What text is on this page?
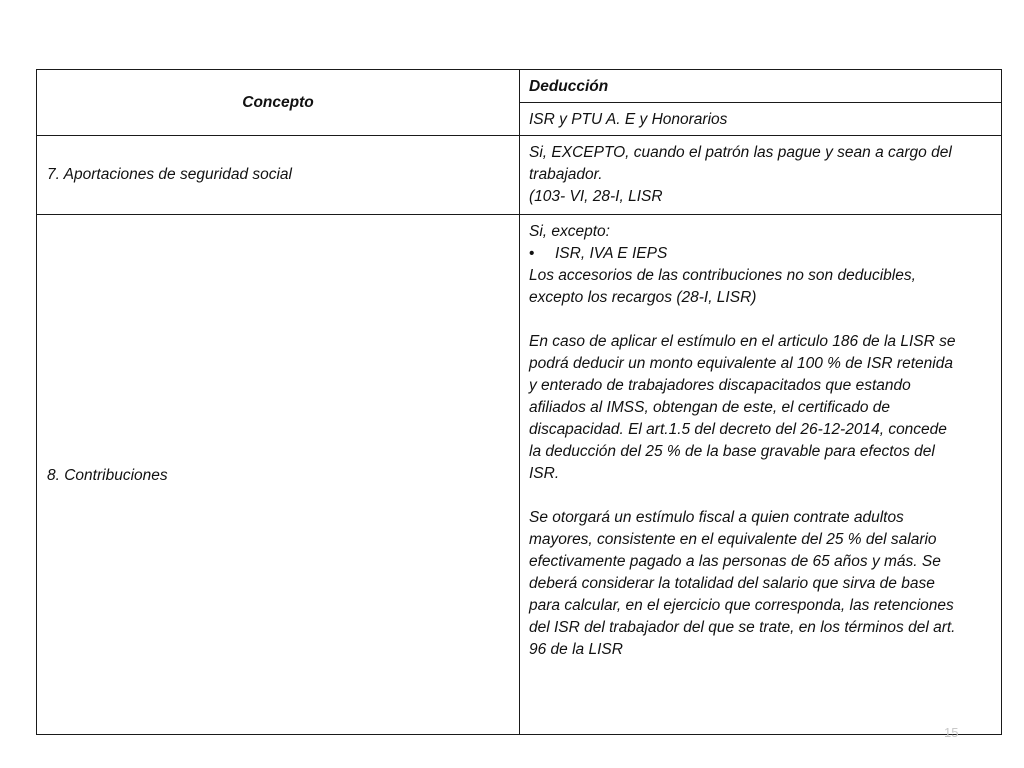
Concepto
Deducción
ISR y PTU A. E y Honorarios
7. Aportaciones de seguridad social
Si, EXCEPTO, cuando el patrón las pague y sean a cargo del
trabajador.
(103- VI, 28-I, LISR
8. Contribuciones
Si, excepto:
•	ISR, IVA E IEPS
Los accesorios de las contribuciones no son deducibles,
excepto los recargos (28-I, LISR)
En caso de aplicar el estímulo en el articulo 186 de la LISR se
podrá deducir un monto equivalente al 100 % de ISR retenida
y enterado de trabajadores discapacitados que estando
afiliados al IMSS, obtengan de este, el certificado de
discapacidad. El art.1.5 del decreto del 26-12-2014, concede
la deducción del 25 % de la base gravable para efectos del
ISR.
Se otorgará un estímulo fiscal a quien contrate adultos
mayores, consistente en el equivalente del 25 % del salario
efectivamente pagado a las personas de 65 años y más. Se
deberá considerar la totalidad del salario que sirva de base
para calcular, en el ejercicio que corresponda, las retenciones
del ISR del trabajador del que se trate, en los términos del art.
96 de la LISR
15
